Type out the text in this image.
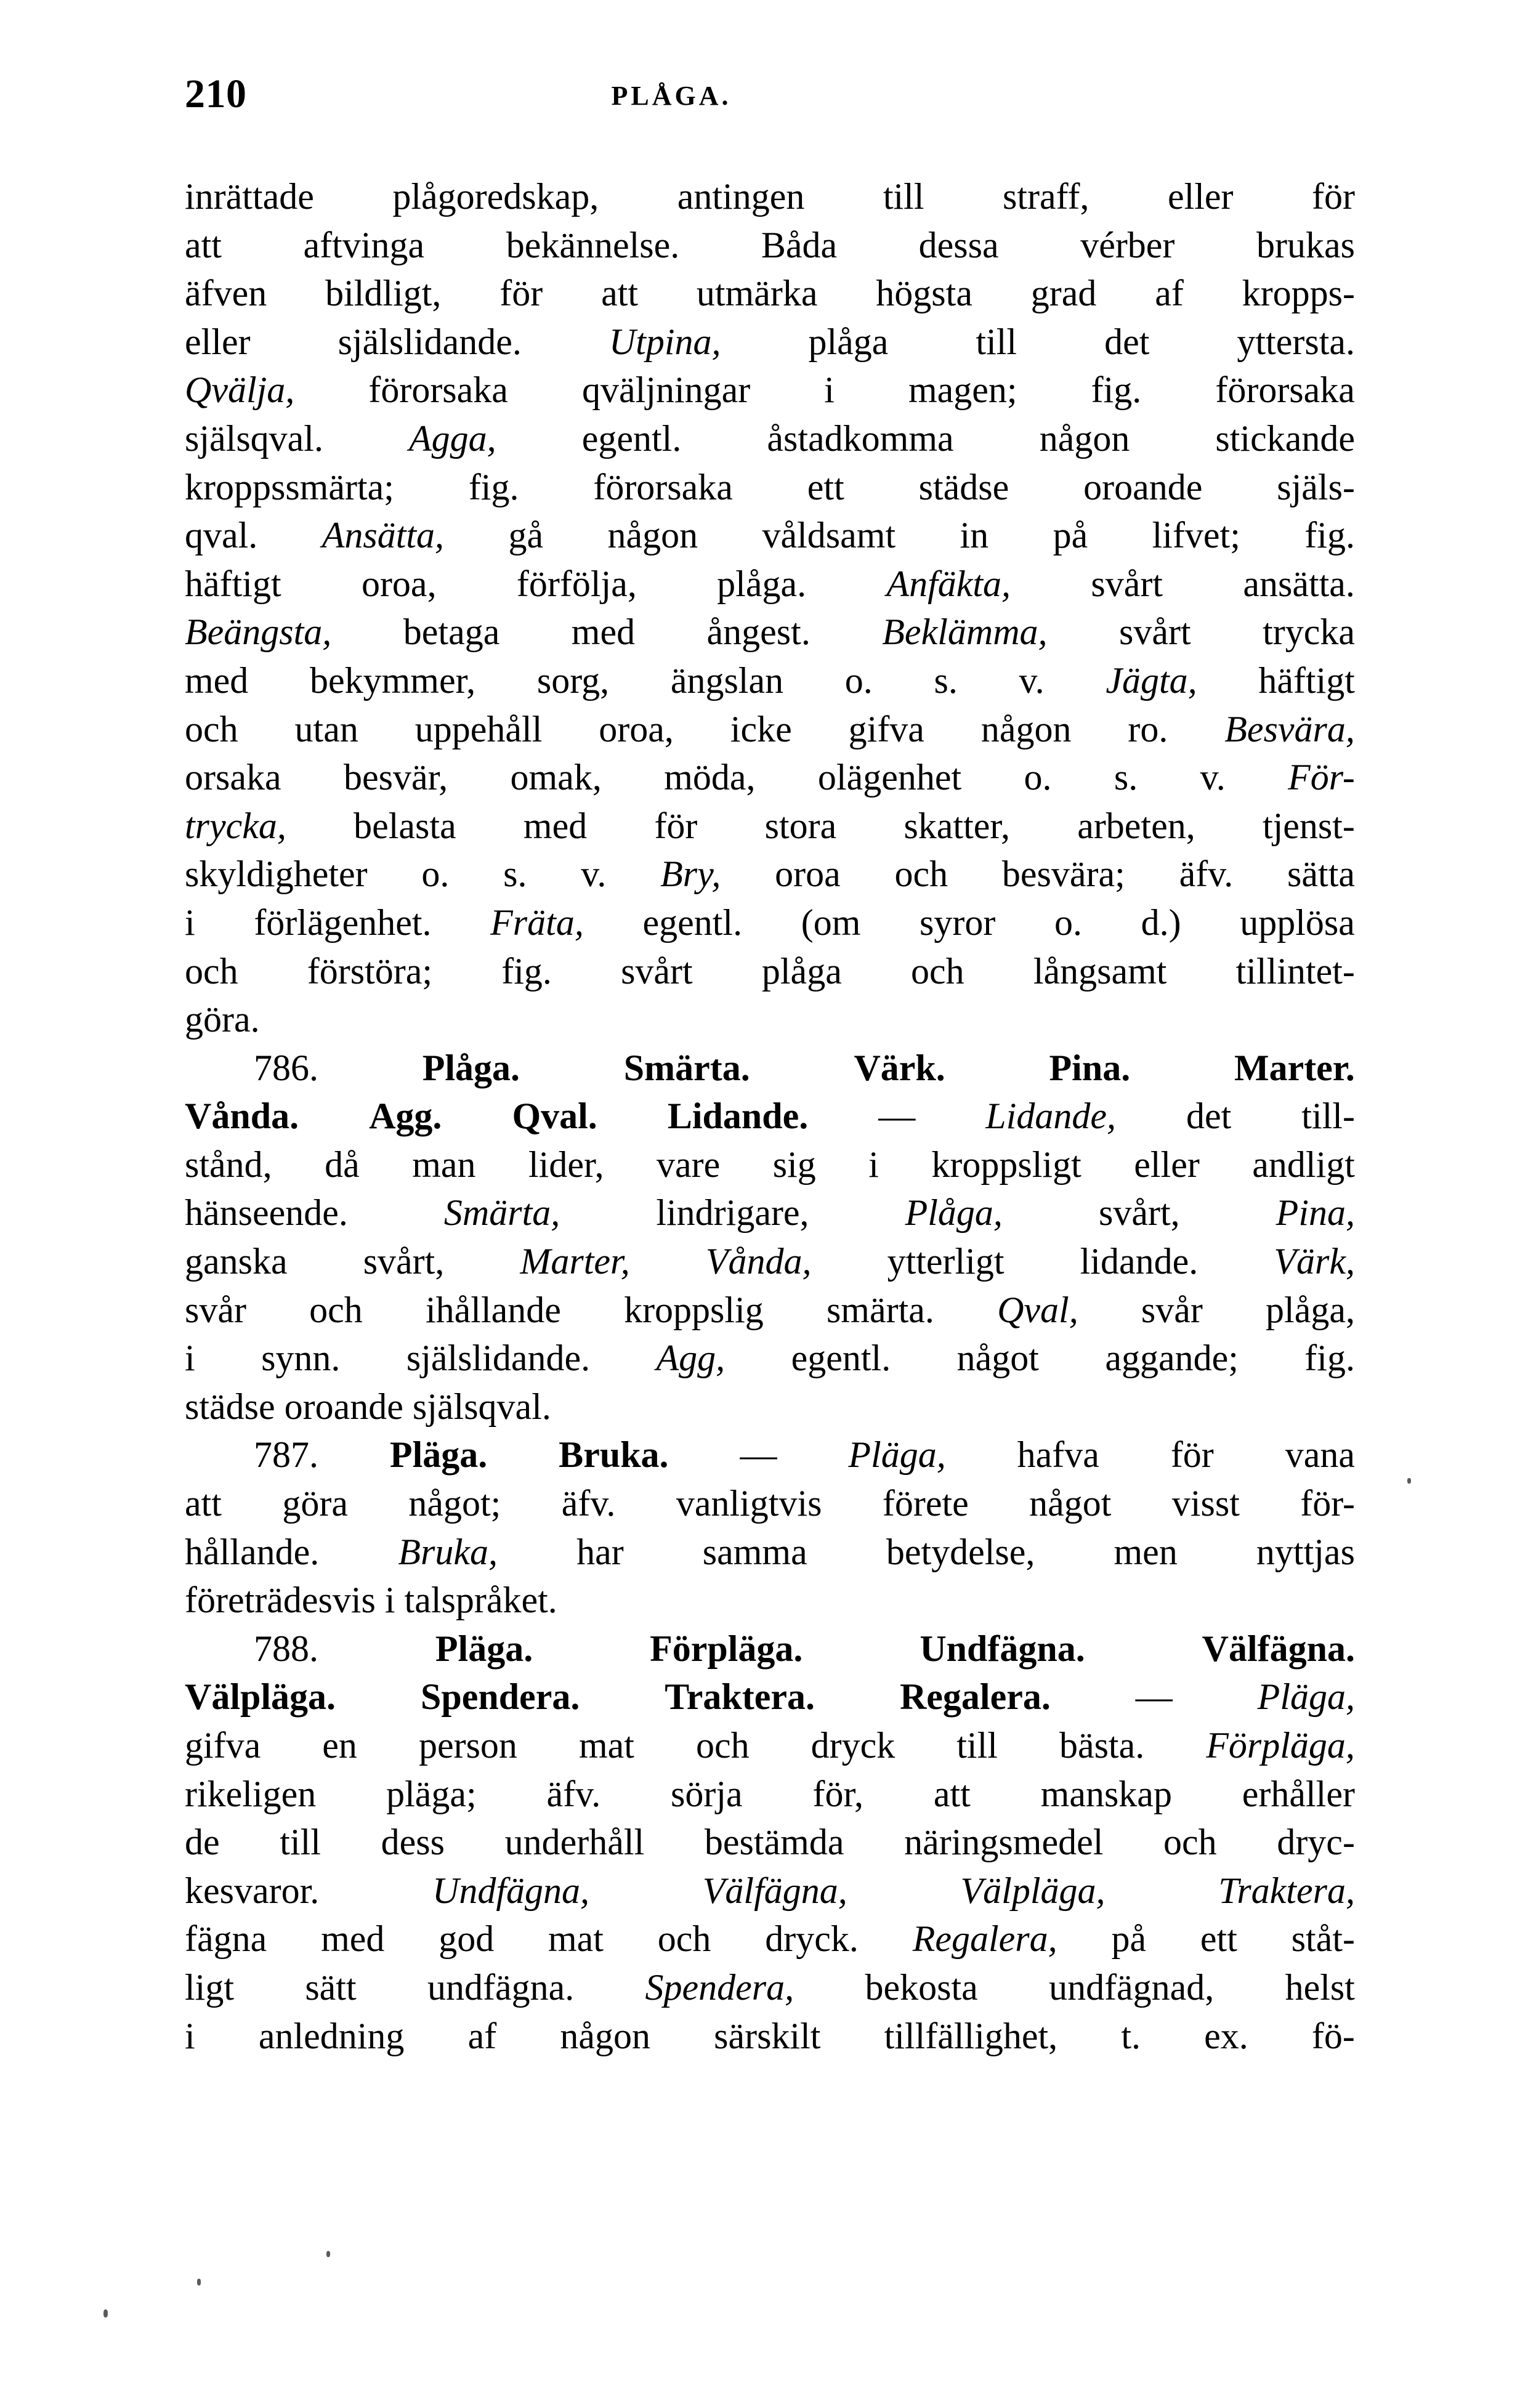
210	PLÅGA.
inrättade plågoredskap, antingen till straff, eller för
att aftvinga bekännelse. Båda dessa vérber brukas
äfven bildligt, för att utmärka högsta grad af kropps-
eller själslidande. Utpina, plåga till det yttersta.
Qvälja, förorsaka qväljningar i magen; fig. förorsaka
själsqval. Agga, egentl. åstadkomma någon stickande
kroppssmärta; fig. förorsaka ett städse oroande själs-
qval. Ansätta, gå någon våldsamt in på lifvet; fig.
häftigt oroa, förfölja, plåga. Anfäkta, svårt ansätta.
Beängsta, betaga med ångest. Beklämma, svårt trycka
med bekymmer, sorg, ängslan o. s. v. Jägta, häftigt
och utan uppehåll oroa, icke gifva någon ro. Besvära,
orsaka besvär, omak, möda, olägenhet o. s. v. För-
trycka, belasta med för stora skatter, arbeten, tjenst-
skyldigheter o. s. v. Bry, oroa och besvära; äfv. sätta
i förlägenhet. Fräta, egentl. (om syror o. d.) upplösa
och förstöra; fig. svårt plåga och långsamt tillintet-
göra.
786.	Plåga.	Smärta.	Värk.	Pina.	Marter.
Vånda. Agg. Qval. Lidande. — Lidande, det till-
stånd, då man lider, vare sig i kroppsligt eller andligt
hänseende.	Smärta,	lindrigare,	Plåga,	svårt,	Pina,
ganska svårt, Marter, Vånda, ytterligt lidande. Värk,
svår och ihållande kroppslig smärta. Qval, svår plåga,
i synn. själslidande. Agg, egentl. något aggande; fig.
städse oroande själsqval.
787. Pläga. Bruka. — Pläga, hafva för vana
att göra något; äfv. vanligtvis förete något visst för-
hållande. Bruka, har samma betydelse, men nyttjas
företrädesvis i talspråket.
788.	Pläga.	Förpläga.	Undfägna.	Välfägna.
Välpläga. Spendera. Traktera. Regalera. — Pläga,
gifva en person mat och dryck till bästa. Förpläga,
rikeligen pläga; äfv. sörja för, att manskap erhåller
de till dess underhåll bestämda näringsmedel och dryc-
kesvaror.	Undfägna,	Välfägna,	Välpläga,	Traktera,
fägna med god mat och dryck. Regalera, på ett ståt-
ligt sätt undfägna. Spendera, bekosta undfägnad, helst
i anledning af någon särskilt tillfällighet, t. ex. fö-
